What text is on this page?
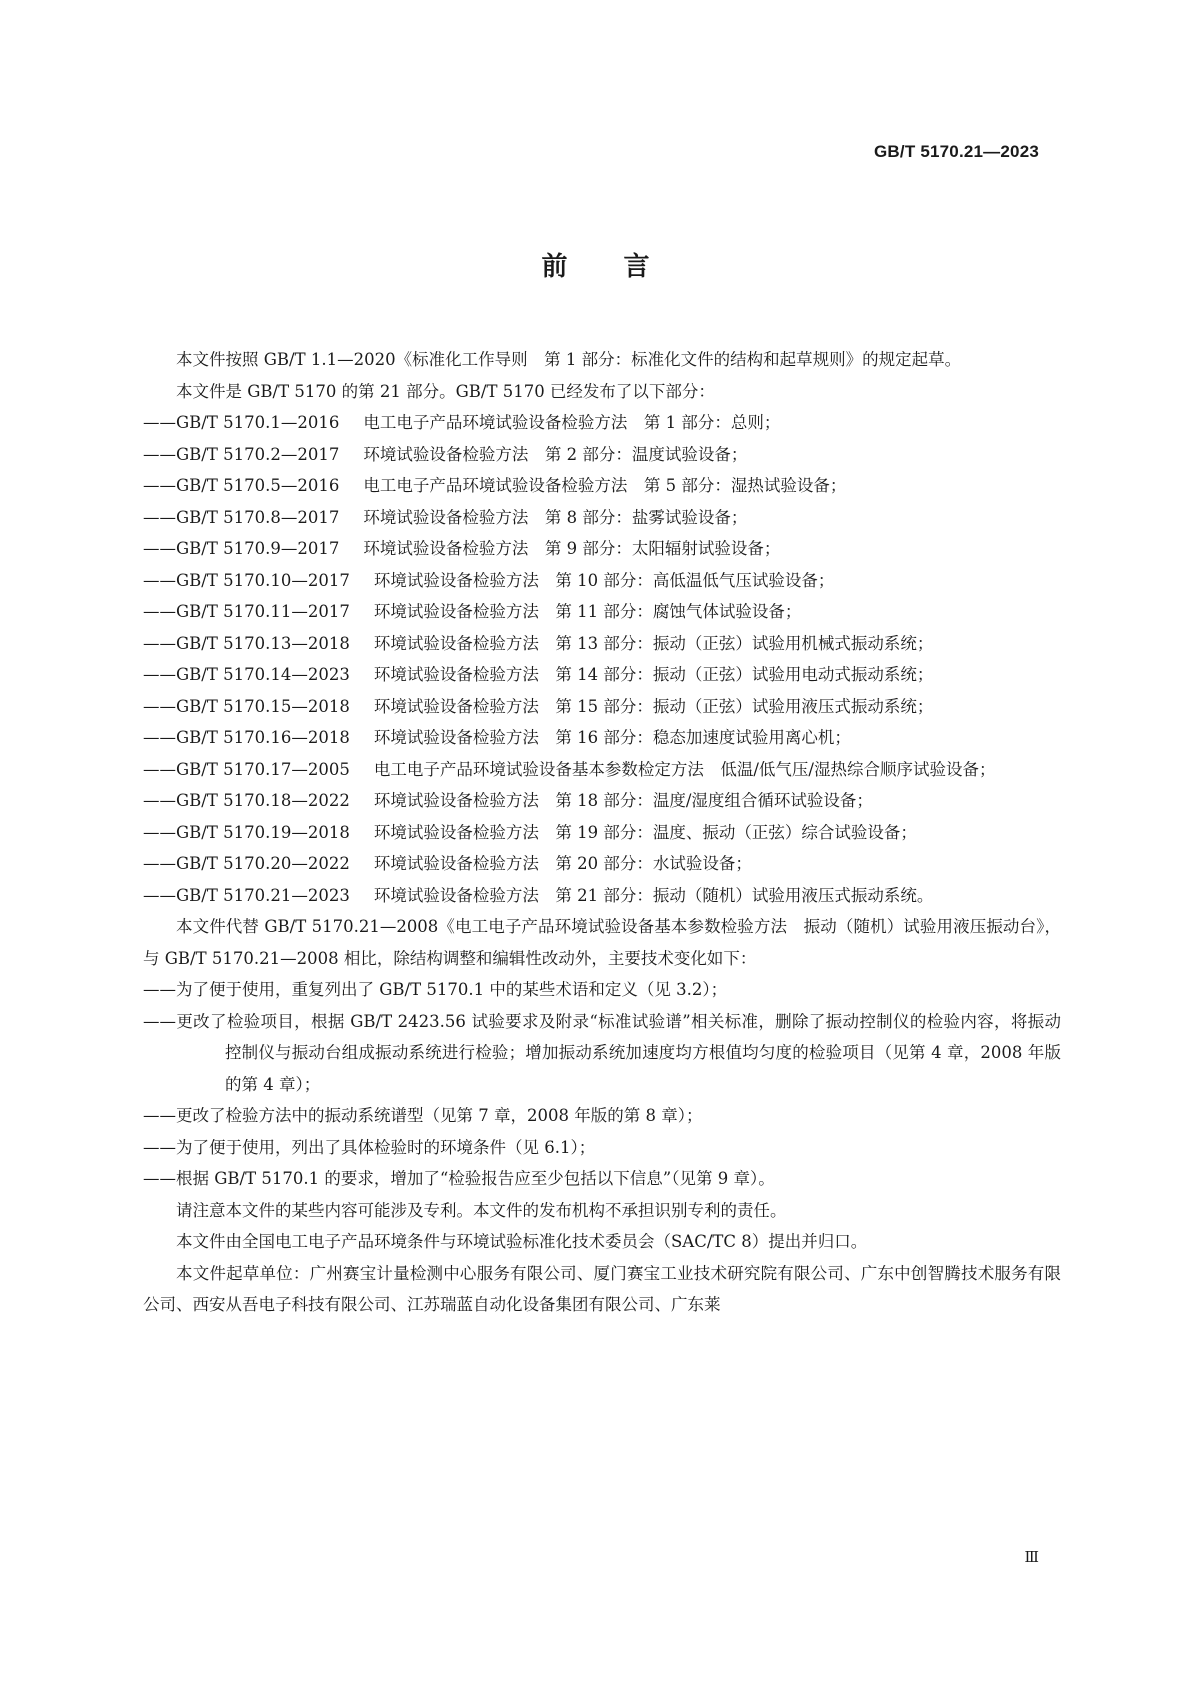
GB/T 5170.21—2023
前言

本文件按照 GB/T 1.1—2020《标准化工作导则　第 1 部分：标准化文件的结构和起草规则》的规定起草。

本文件是 GB/T 5170 的第 21 部分。GB/T 5170 已经发布了以下部分：

——GB/T 5170.1—2016 电工电子产品环境试验设备检验方法　第 1 部分：总则；

——GB/T 5170.2—2017 环境试验设备检验方法　第 2 部分：温度试验设备；

——GB/T 5170.5—2016 电工电子产品环境试验设备检验方法　第 5 部分：湿热试验设备；

——GB/T 5170.8—2017 环境试验设备检验方法　第 8 部分：盐雾试验设备；

——GB/T 5170.9—2017 环境试验设备检验方法　第 9 部分：太阳辐射试验设备；

——GB/T 5170.10—2017 环境试验设备检验方法　第 10 部分：高低温低气压试验设备；

——GB/T 5170.11—2017 环境试验设备检验方法　第 11 部分：腐蚀气体试验设备；

——GB/T 5170.13—2018 环境试验设备检验方法　第 13 部分：振动（正弦）试验用机械式振动系统；

——GB/T 5170.14—2023 环境试验设备检验方法　第 14 部分：振动（正弦）试验用电动式振动系统；

——GB/T 5170.15—2018 环境试验设备检验方法　第 15 部分：振动（正弦）试验用液压式振动系统；

——GB/T 5170.16—2018 环境试验设备检验方法　第 16 部分：稳态加速度试验用离心机；

——GB/T 5170.17—2005 电工电子产品环境试验设备基本参数检定方法　低温/低气压/湿热综合顺序试验设备；

——GB/T 5170.18—2022 环境试验设备检验方法　第 18 部分：温度/湿度组合循环试验设备；

——GB/T 5170.19—2018 环境试验设备检验方法　第 19 部分：温度、振动（正弦）综合试验设备；

——GB/T 5170.20—2022 环境试验设备检验方法　第 20 部分：水试验设备；

——GB/T 5170.21—2023 环境试验设备检验方法　第 21 部分：振动（随机）试验用液压式振动系统。

本文件代替 GB/T 5170.21—2008《电工电子产品环境试验设备基本参数检验方法　振动（随机）试验用液压振动台》，与 GB/T 5170.21—2008 相比，除结构调整和编辑性改动外，主要技术变化如下：

——为了便于使用，重复列出了 GB/T 5170.1 中的某些术语和定义（见 3.2）；

——更改了检验项目，根据 GB/T 2423.56 试验要求及附录“标准试验谱”相关标准，删除了振动控制仪的检验内容，将振动控制仪与振动台组成振动系统进行检验；增加振动系统加速度均方根值均匀度的检验项目（见第 4 章，2008 年版的第 4 章）；

——更改了检验方法中的振动系统谱型（见第 7 章，2008 年版的第 8 章）；

——为了便于使用，列出了具体检验时的环境条件（见 6.1）；

——根据 GB/T 5170.1 的要求，增加了“检验报告应至少包括以下信息”（见第 9 章）。

请注意本文件的某些内容可能涉及专利。本文件的发布机构不承担识别专利的责任。

本文件由全国电工电子产品环境条件与环境试验标准化技术委员会（SAC/TC 8）提出并归口。

本文件起草单位：广州赛宝计量检测中心服务有限公司、厦门赛宝工业技术研究院有限公司、广东中创智腾技术服务有限公司、西安从吾电子科技有限公司、江苏瑞蓝自动化设备集团有限公司、广东莱

Ⅲ
